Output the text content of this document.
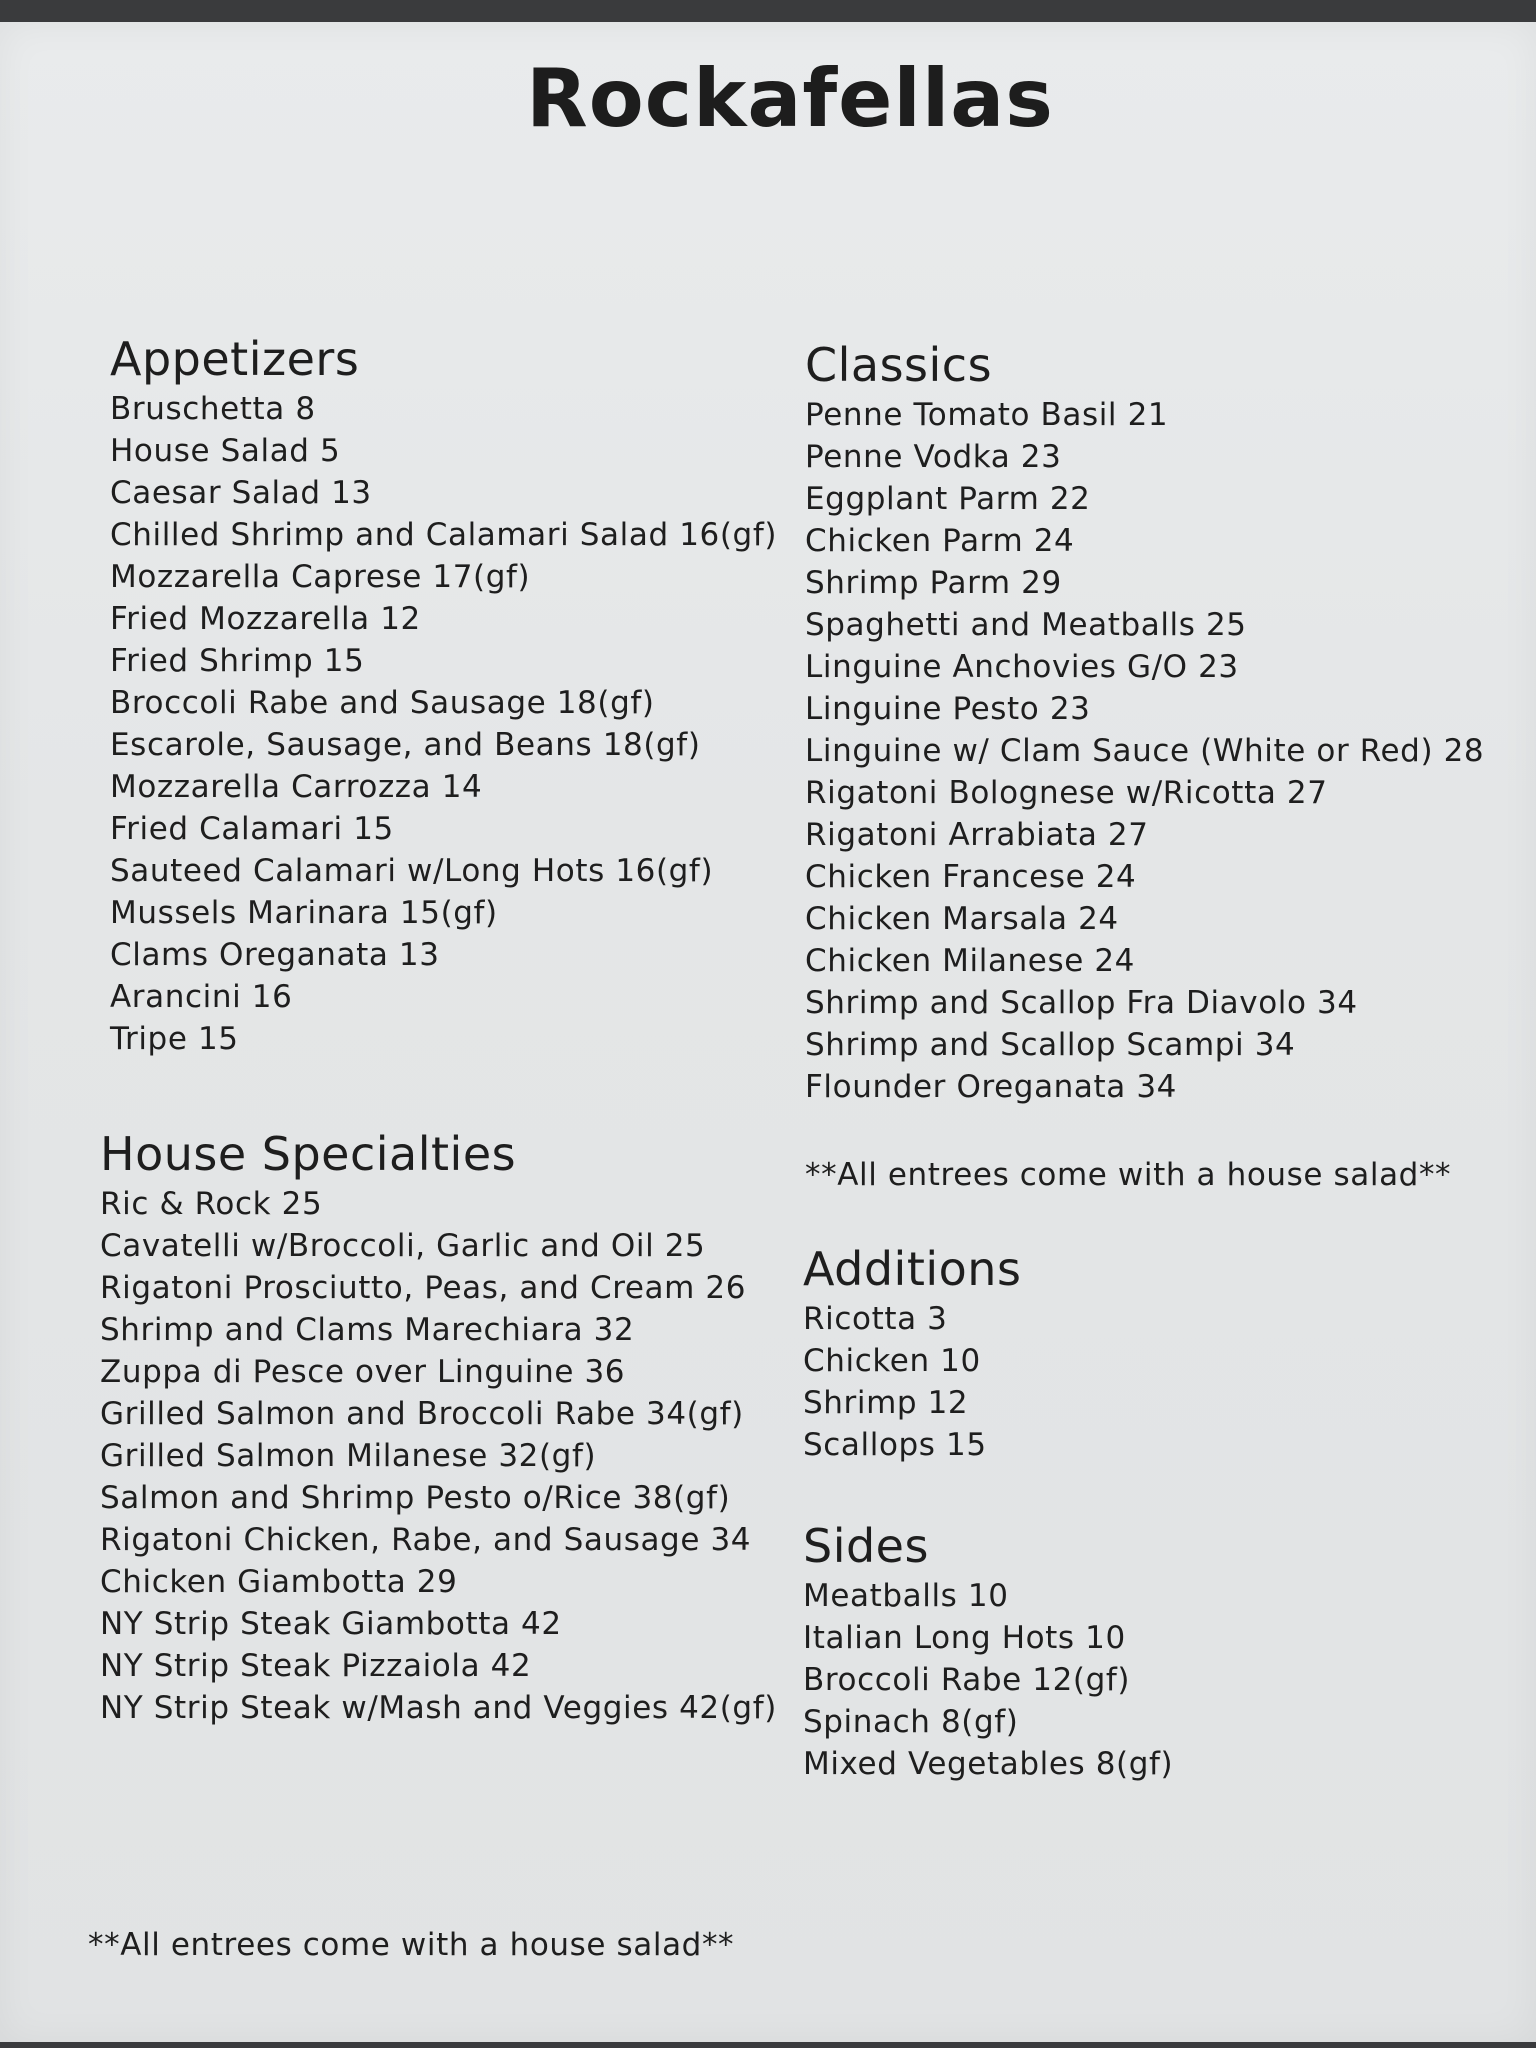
Rockafellas
Appetizers
Bruschetta 8
House Salad 5
Caesar Salad 13
Chilled Shrimp and Calamari Salad 16(gf)
Mozzarella Caprese 17(gf)
Fried Mozzarella 12
Fried Shrimp 15
Broccoli Rabe and Sausage 18(gf)
Escarole, Sausage, and Beans 18(gf)
Mozzarella Carrozza 14
Fried Calamari 15
Sauteed Calamari w/Long Hots 16(gf)
Mussels Marinara 15(gf)
Clams Oreganata 13
Arancini 16
Tripe 15
House Specialties
Ric & Rock 25
Cavatelli w/Broccoli, Garlic and Oil 25
Rigatoni Prosciutto, Peas, and Cream 26
Shrimp and Clams Marechiara 32
Zuppa di Pesce over Linguine 36
Grilled Salmon and Broccoli Rabe 34(gf)
Grilled Salmon Milanese 32(gf)
Salmon and Shrimp Pesto o/Rice 38(gf)
Rigatoni Chicken, Rabe, and Sausage 34
Chicken Giambotta 29
NY Strip Steak Giambotta 42
NY Strip Steak Pizzaiola 42
NY Strip Steak w/Mash and Veggies 42(gf)
Classics
Penne Tomato Basil 21
Penne Vodka 23
Eggplant Parm 22
Chicken Parm 24
Shrimp Parm 29
Spaghetti and Meatballs 25
Linguine Anchovies G/O 23
Linguine Pesto 23
Linguine w/ Clam Sauce (White or Red) 28
Rigatoni Bolognese w/Ricotta 27
Rigatoni Arrabiata 27
Chicken Francese 24
Chicken Marsala 24
Chicken Milanese 24
Shrimp and Scallop Fra Diavolo 34
Shrimp and Scallop Scampi 34
Flounder Oreganata 34
**All entrees come with a house salad**
Additions
Ricotta 3
Chicken 10
Shrimp 12
Scallops 15
Sides
Meatballs 10
Italian Long Hots 10
Broccoli Rabe 12(gf)
Spinach 8(gf)
Mixed Vegetables 8(gf)
**All entrees come with a house salad**
